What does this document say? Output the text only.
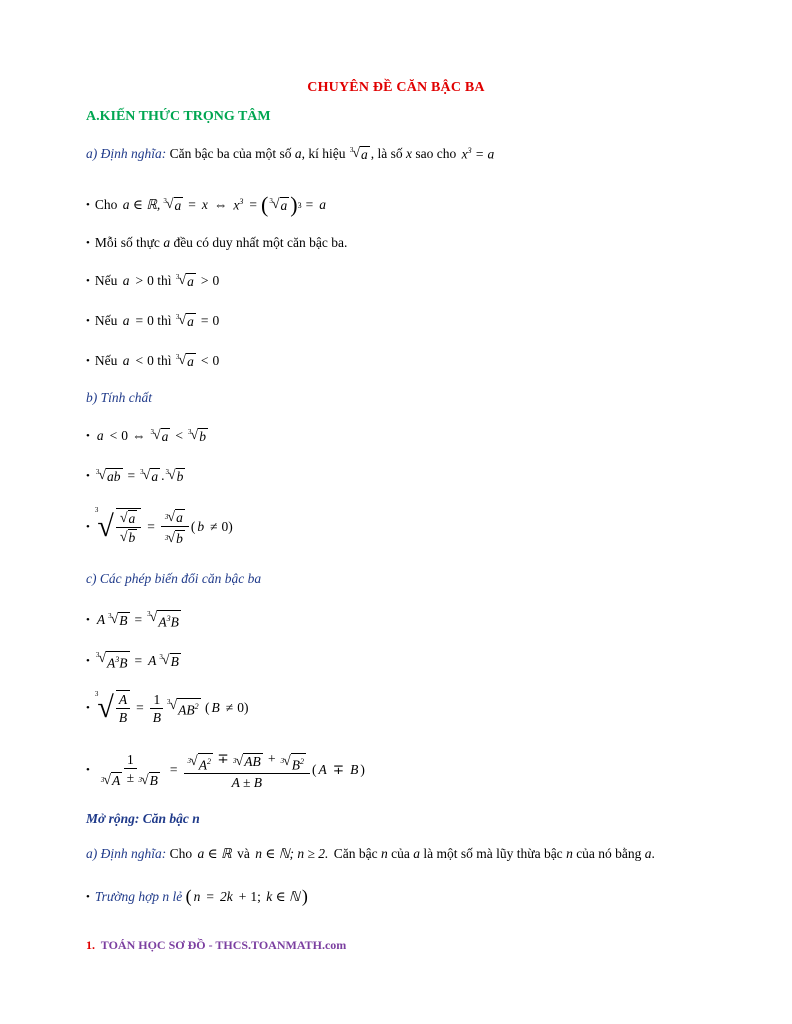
CHUYÊN ĐỀ CĂN BẬC BA
A.KIẾN THỨC TRỌNG TÂM
a) Định nghĩa:
Căn bậc ba của một số
a , kí hiệu
3 √ a , là số
x
sao cho
$x^3 = a$
• Cho
a ∈ ℝ, 3 √ a = x ⇔ $x^3$ = ( 3 √ a ) 3 = a
• Mỗi số thực
a
đều có duy nhất một căn bậc ba.
• Nếu
a > 0 thì
3 √ a > 0
• Nếu
a = 0 thì
3 √ a = 0
• Nếu
a < 0 thì
3 √ a < 0
b) Tính chất
• a < 0 ⇔ 3 √ a < 3 √ b
• 3 √ ab = 3 √ a . 3 √ b
•
3 √ $\frac{√ a}{√ b} = \frac{3 √ a}{3 √ b}$ ( b ≠ 0 )
c) Các phép biến đổi căn bậc ba
• A 3 √ B = 3 √ $A^3B$
• 3 √ $A^3B = A$ 3 √ B
•
3 √ $\frac{A}{B} = \frac{1}{B} 3$ √ $AB^2$
( B ≠ 0 )
• $\frac{1}{3 √ A \pm 3 √ B} = \frac{3 √ A^2 \mp 3 √ AB + 3 √ B^2}{A \pm B}$ ( A ∓ B )
Mở rộng: Căn bậc n
a) Định nghĩa:
Cho
a ∈ ℝ
và
n ∈ ℕ; n ≥ 2.
Căn bậc
n
của
a
là một số mà lũy thừa bậc
n
của nó bằng
a .
• Trường hợp n lẻ
( n = 2k + 1; k ∈ ℕ )
1. TOÁN HỌC SƠ ĐỒ - THCS.TOANMATH.com
